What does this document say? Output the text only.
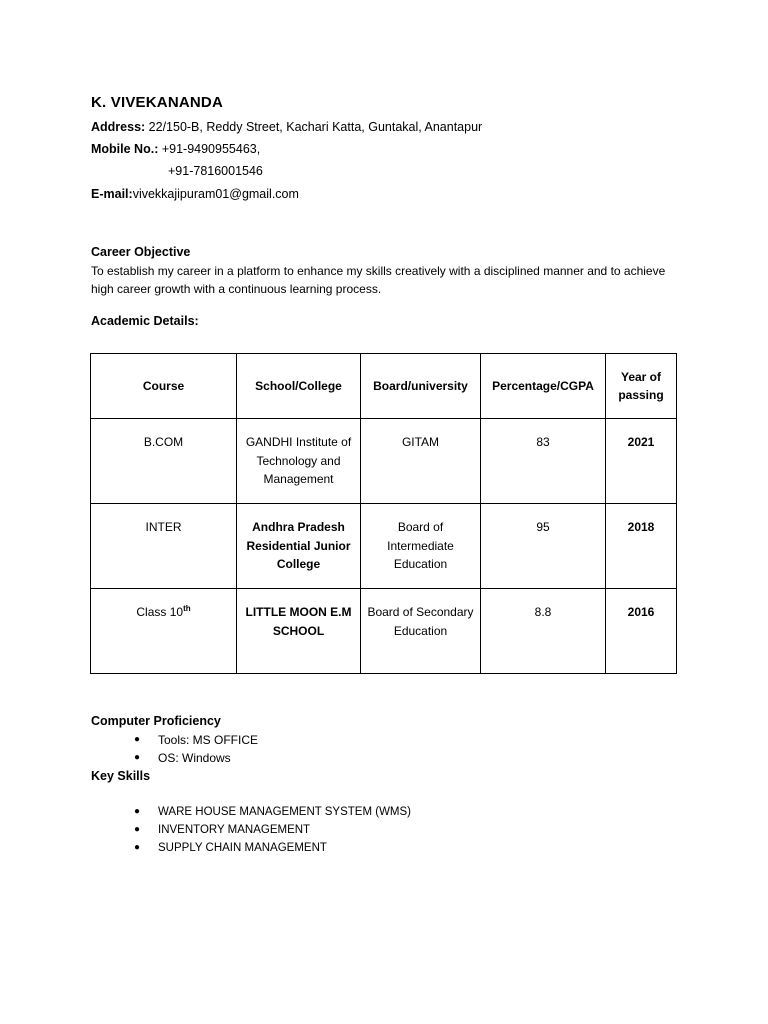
K. VIVEKANANDA
Address: 22/150-B, Reddy Street, Kachari Katta, Guntakal, Anantapur
Mobile No.: +91-9490955463,
+91-7816001546
E-mail:vivekkajipuram01@gmail.com
Career Objective
To establish my career in a platform to enhance my skills creatively with a disciplined manner and to achieve high career growth with a continuous learning process.
Academic Details:
Course	School/College	Board/university	Percentage/CGPA	Year of passing
B.COM	GANDHI Institute of Technology and Management	GITAM	83	2021
INTER	Andhra Pradesh Residential Junior College	Board of Intermediate Education	95	2018
Class 10th	LITTLE MOON E.M SCHOOL	Board of Secondary Education	8.8	2016
Computer Proficiency
● Tools: MS OFFICE
● OS: Windows
Key Skills
● WARE HOUSE MANAGEMENT SYSTEM (WMS)
● INVENTORY MANAGEMENT
● SUPPLY CHAIN MANAGEMENT
